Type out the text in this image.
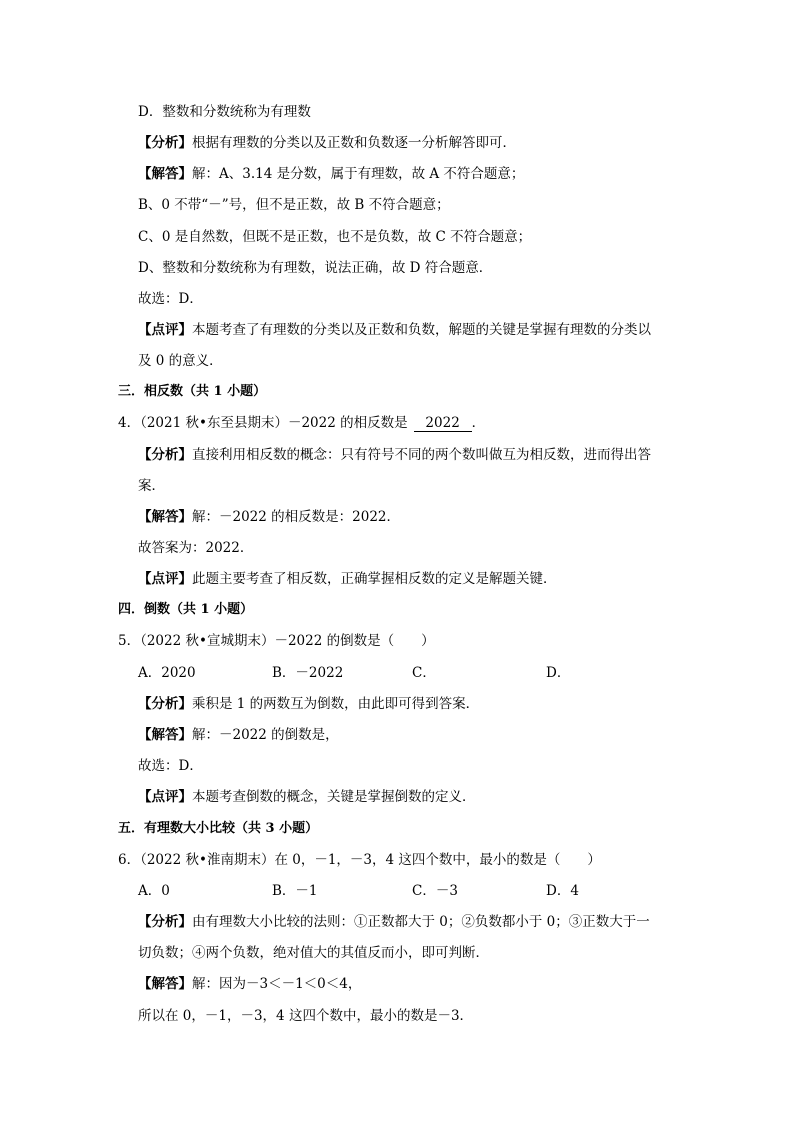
D．整数和分数统称为有理数
【分析】根据有理数的分类以及正数和负数逐一分析解答即可．
【解答】解：A、3.14 是分数，属于有理数，故 A 不符合题意；
B、0 不带“－”号，但不是正数，故 B 不符合题意；
C、0 是自然数，但既不是正数，也不是负数，故 C 不符合题意；
D、整数和分数统称为有理数，说法正确，故 D 符合题意．
故选：D．
【点评】本题考查了有理数的分类以及正数和负数，解题的关键是掌握有理数的分类以
及 0 的意义．
三．相反数（共 1 小题）
4．（2021 秋•东至县期末）－2022 的相反数是 2022 ．
【分析】直接利用相反数的概念：只有符号不同的两个数叫做互为相反数，进而得出答
案．
【解答】解：－2022 的相反数是：2022．
故答案为：2022．
【点评】此题主要考查了相反数，正确掌握相反数的定义是解题关键．
四．倒数（共 1 小题）
5．（2022 秋•宣城期末）－2022 的倒数是（　　）
A．2020	B．－2022	C．	D．
【分析】乘积是 1 的两数互为倒数，由此即可得到答案．
【解答】解：－2022 的倒数是，
故选：D．
【点评】本题考查倒数的概念，关键是掌握倒数的定义．
五．有理数大小比较（共 3 小题）
6．（2022 秋•淮南期末）在 0，－1，－3，4 这四个数中，最小的数是（　　）
A．0	B．－1	C．－3	D．4
【分析】由有理数大小比较的法则：①正数都大于 0；②负数都小于 0；③正数大于一
切负数；④两个负数，绝对值大的其值反而小，即可判断．
【解答】解：因为－3＜－1＜0＜4，
所以在 0，－1，－3，4 这四个数中，最小的数是－3．
